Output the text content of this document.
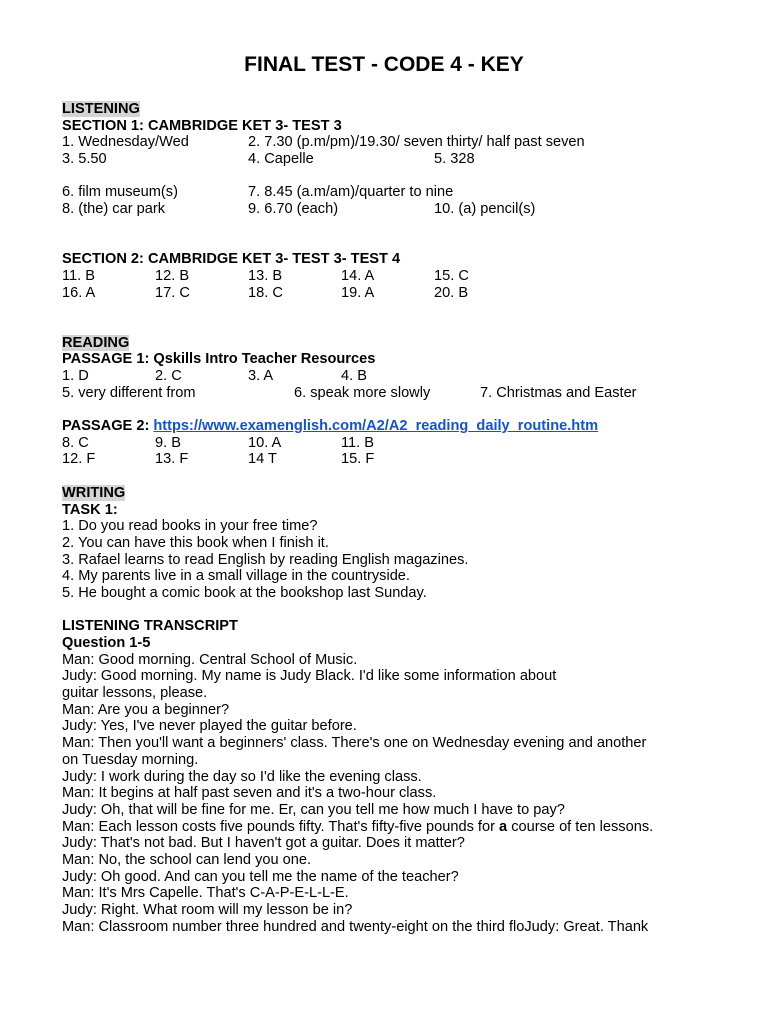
FINAL TEST - CODE 4 - KEY
LISTENING
SECTION 1: CAMBRIDGE KET 3- TEST 3
1. Wednesday/Wed	2. 7.30 (p.m/pm)/19.30/ seven thirty/ half past seven
3. 5.50	4. Capelle	5. 328
6. film museum(s)	7. 8.45 (a.m/am)/quarter to nine
8. (the) car park	9. 6.70 (each)	10. (a) pencil(s)
SECTION 2: CAMBRIDGE KET 3- TEST 3- TEST 4
11. B	12. B	13. B	14. A	15. C
16. A	17. C	18. C	19. A	20. B
READING
PASSAGE 1: Qskills Intro Teacher Resources
1. D	2. C	3. A	4. B
5. very different from	6. speak more slowly	7. Christmas and Easter
PASSAGE 2: https://www.examenglish.com/A2/A2_reading_daily_routine.htm
8. C	9. B	10. A	11. B
12. F	13. F	14 T	15. F
WRITING
TASK 1:
1. Do you read books in your free time?
2. You can have this book when I finish it.
3. Rafael learns to read English by reading English magazines.
4. My parents live in a small village in the countryside.
5. He bought a comic book at the bookshop last Sunday.
LISTENING TRANSCRIPT
Question 1-5
Man: Good morning. Central School of Music.
Judy: Good morning. My name is Judy Black. I'd like some information about
guitar lessons, please.
Man: Are you a beginner?
Judy: Yes, I've never played the guitar before.
Man: Then you'll want a beginners' class. There's one on Wednesday evening and another
on Tuesday morning.
Judy: I work during the day so I'd like the evening class.
Man: It begins at half past seven and it's a two-hour class.
Judy: Oh, that will be fine for me. Er, can you tell me how much I have to pay?
Man: Each lesson costs five pounds fifty. That's fifty-five pounds for a course of ten lessons.
Judy: That's not bad. But I haven't got a guitar. Does it matter?
Man: No, the school can lend you one.
Judy: Oh good. And can you tell me the name of the teacher?
Man: It's Mrs Capelle. That's C-A-P-E-L-L-E.
Judy: Right. What room will my lesson be in?
Man: Classroom number three hundred and twenty-eight on the third floJudy: Great. Thank
